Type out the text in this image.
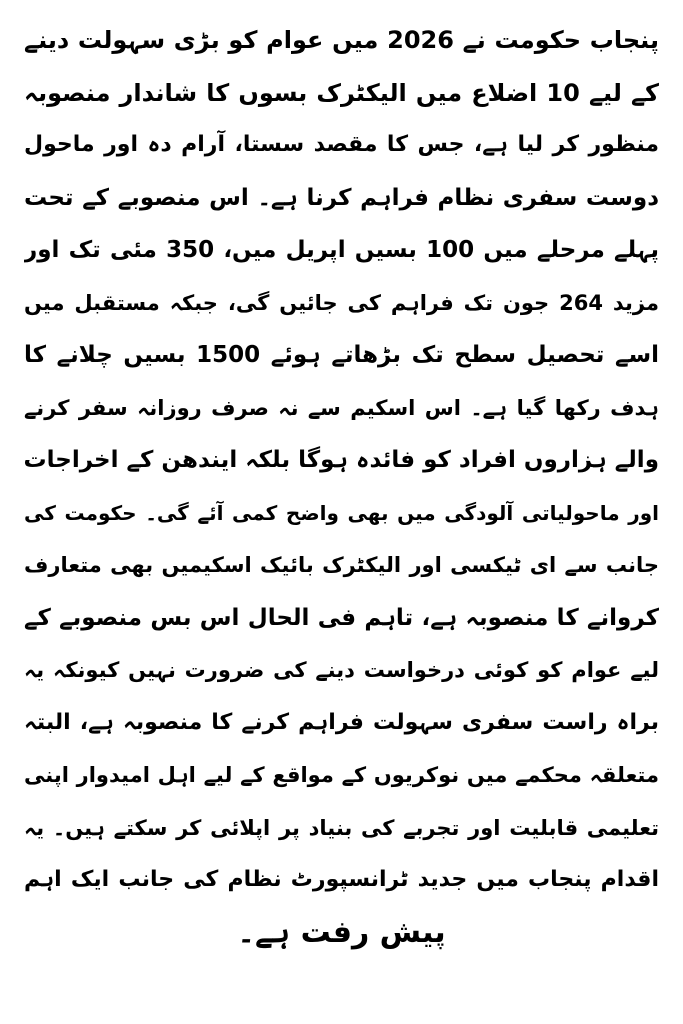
پنجاب حکومت نے 2026 میں عوام کو بڑی سہولت دینے
کے لیے 10 اضلاع میں الیکٹرک بسوں کا شاندار منصوبہ
منظور کر لیا ہے، جس کا مقصد سستا، آرام دہ اور ماحول
دوست سفری نظام فراہم کرنا ہے۔ اس منصوبے کے تحت
پہلے مرحلے میں 100 بسیں اپریل میں، 350 مئی تک اور
مزید 264 جون تک فراہم کی جائیں گی، جبکہ مستقبل میں
اسے تحصیل سطح تک بڑھاتے ہوئے 1500 بسیں چلانے کا
ہدف رکھا گیا ہے۔ اس اسکیم سے نہ صرف روزانہ سفر کرنے
والے ہزاروں افراد کو فائدہ ہوگا بلکہ ایندھن کے اخراجات
اور ماحولیاتی آلودگی میں بھی واضح کمی آئے گی۔ حکومت کی
جانب سے ای ٹیکسی اور الیکٹرک بائیک اسکیمیں بھی متعارف
کروانے کا منصوبہ ہے، تاہم فی الحال اس بس منصوبے کے
لیے عوام کو کوئی درخواست دینے کی ضرورت نہیں کیونکہ یہ
براہ راست سفری سہولت فراہم کرنے کا منصوبہ ہے، البتہ
متعلقہ محکمے میں نوکریوں کے مواقع کے لیے اہل امیدوار اپنی
تعلیمی قابلیت اور تجربے کی بنیاد پر اپلائی کر سکتے ہیں۔ یہ
اقدام پنجاب میں جدید ٹرانسپورٹ نظام کی جانب ایک اہم
پیش رفت ہے۔
